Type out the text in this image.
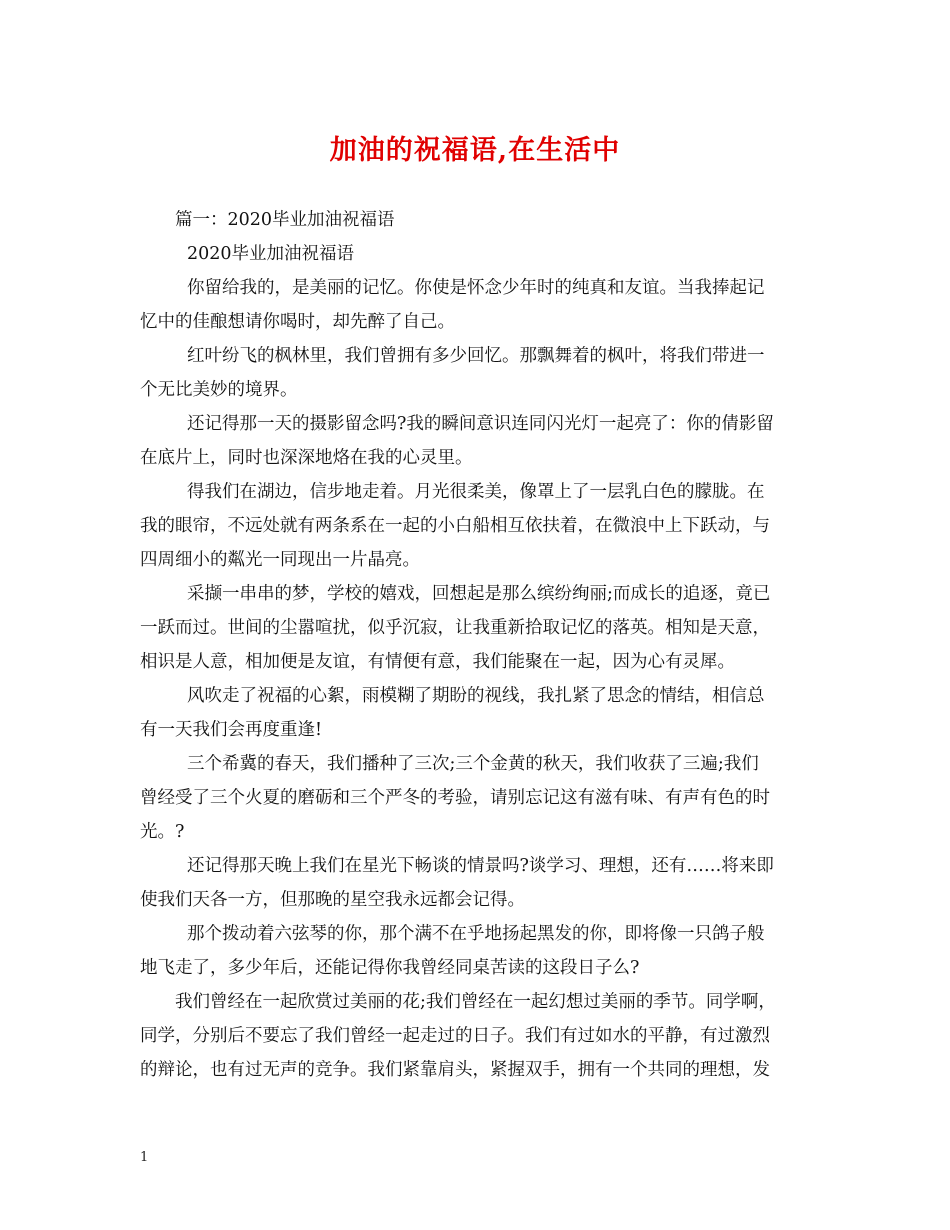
加油的祝福语,在生活中
篇一：2020毕业加油祝福语
2020毕业加油祝福语
你留给我的，是美丽的记忆。你使是怀念少年时的纯真和友谊。当我捧起记
忆中的佳酿想请你喝时，却先醉了自己。
红叶纷飞的枫林里，我们曾拥有多少回忆。那飘舞着的枫叶，将我们带进一
个无比美妙的境界。
还记得那一天的摄影留念吗?我的瞬间意识连同闪光灯一起亮了：你的倩影留
在底片上，同时也深深地烙在我的心灵里。
得我们在湖边，信步地走着。月光很柔美，像罩上了一层乳白色的朦胧。在
我的眼帘，不远处就有两条系在一起的小白船相互依扶着，在微浪中上下跃动，与
四周细小的粼光一同现出一片晶亮。
采撷一串串的梦，学校的嬉戏，回想起是那么缤纷绚丽;而成长的追逐，竟已
一跃而过。世间的尘嚣喧扰，似乎沉寂，让我重新拾取记忆的落英。相知是天意，
相识是人意，相加便是友谊，有情便有意，我们能聚在一起，因为心有灵犀。
风吹走了祝福的心絮，雨模糊了期盼的视线，我扎紧了思念的情结，相信总
有一天我们会再度重逢!
三个希冀的春天，我们播种了三次;三个金黄的秋天，我们收获了三遍;我们
曾经受了三个火夏的磨砺和三个严冬的考验，请别忘记这有滋有味、有声有色的时
光。?
还记得那天晚上我们在星光下畅谈的情景吗?谈学习、理想，还有……将来即
使我们天各一方，但那晚的星空我永远都会记得。
那个拨动着六弦琴的你，那个满不在乎地扬起黑发的你，即将像一只鸽子般
地飞走了，多少年后，还能记得你我曾经同桌苦读的这段日子么?
我们曾经在一起欣赏过美丽的花;我们曾经在一起幻想过美丽的季节。同学啊，
同学，分别后不要忘了我们曾经一起走过的日子。我们有过如水的平静，有过激烈
的辩论，也有过无声的竞争。我们紧靠肩头，紧握双手，拥有一个共同的理想，发
1
